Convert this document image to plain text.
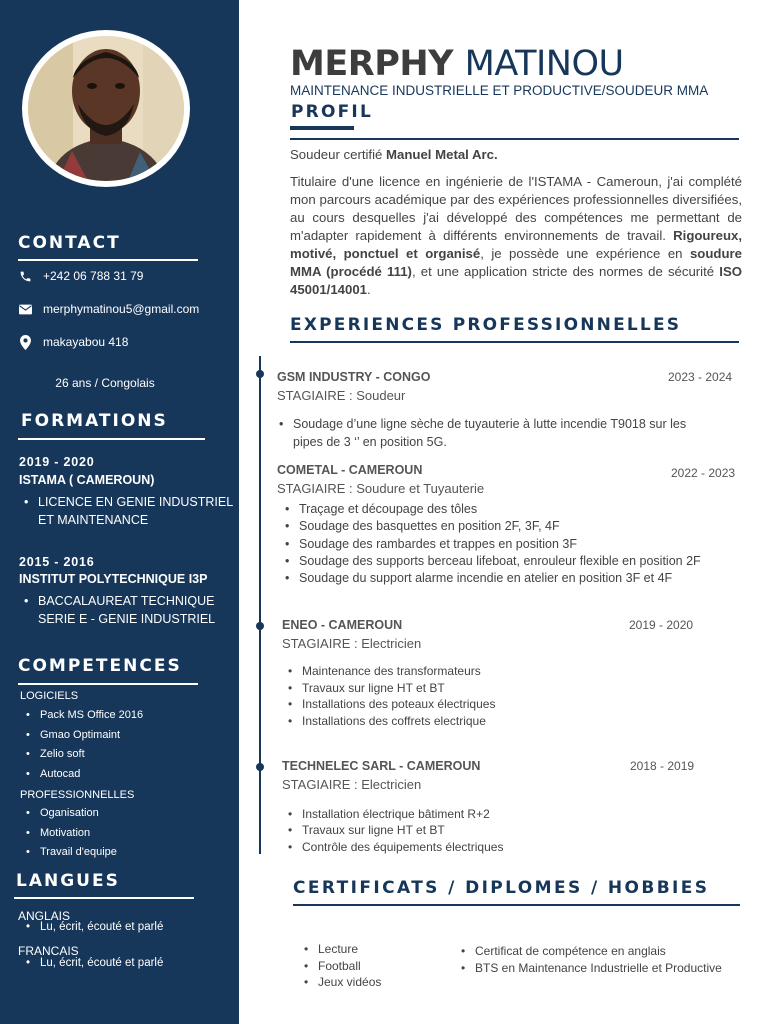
CONTACT
+242 06 788 31 79
merphymatinou5@gmail.com
makayabou 418
26 ans / Congolais
FORMATIONS
2019 - 2020
ISTAMA ( CAMEROUN)
• LICENCE EN GENIE INDUSTRIEL
ET MAINTENANCE
2015 - 2016
INSTITUT POLYTECHNIQUE I3P
• BACCALAUREAT TECHNIQUE
SERIE E - GENIE INDUSTRIEL
COMPETENCES
LOGICIELS
• Pack MS Office 2016
• Gmao Optimaint
• Zelio soft
• Autocad
PROFESSIONNELLES
• Oganisation
• Motivation
• Travail d'equipe
LANGUES
ANGLAIS
• Lu, écrit, écouté et parlé
FRANCAIS
• Lu, écrit, écouté et parlé
MERPHY MATINOU
MAINTENANCE INDUSTRIELLE ET PRODUCTIVE/SOUDEUR MMA
PROFIL

Soudeur certifié Manuel Metal Arc.

Titulaire d'une licence en ingénierie de l'ISTAMA - Cameroun, j'ai complété mon parcours académique par des expériences professionnelles diversifiées, au cours desquelles j'ai développé des compétences me permettant de m'adapter rapidement à différents environnements de travail. Rigoureux, motivé, ponctuel et organisé, je possède une expérience en soudure MMA (procédé 111), et une application stricte des normes de sécurité ISO 45001/14001.

EXPERIENCES PROFESSIONNELLES
GSM INDUSTRY - CONGO	2023 - 2024
STAGIAIRE : Soudeur
• Soudage d’une ligne sèche de tuyauterie à lutte incendie T9018 sur les pipes de 3 ‘’ en position 5G.
COMETAL - CAMEROUN	2022 - 2023
STAGIAIRE : Soudure et Tuyauterie
• Traçage et découpage des tôles
• Soudage des basquettes en position 2F, 3F, 4F
• Soudage des rambardes et trappes en position 3F
• Soudage des supports berceau lifeboat, enrouleur flexible en position 2F
• Soudage du support alarme incendie en atelier en position 3F et 4F
ENEO - CAMEROUN	2019 - 2020
STAGIAIRE : Electricien
• Maintenance des transformateurs
• Travaux sur ligne HT et BT
• Installations des poteaux électriques
• Installations des coffrets electrique
TECHNELEC SARL - CAMEROUN	2018 - 2019
STAGIAIRE : Electricien
• Installation électrique bâtiment R+2
• Travaux sur ligne HT et BT
• Contrôle des équipements électriques
CERTIFICATS / DIPLOMES / HOBBIES
• Lecture
• Football
• Jeux vidéos
• Certificat de compétence en anglais
• BTS en Maintenance Industrielle et Productive
